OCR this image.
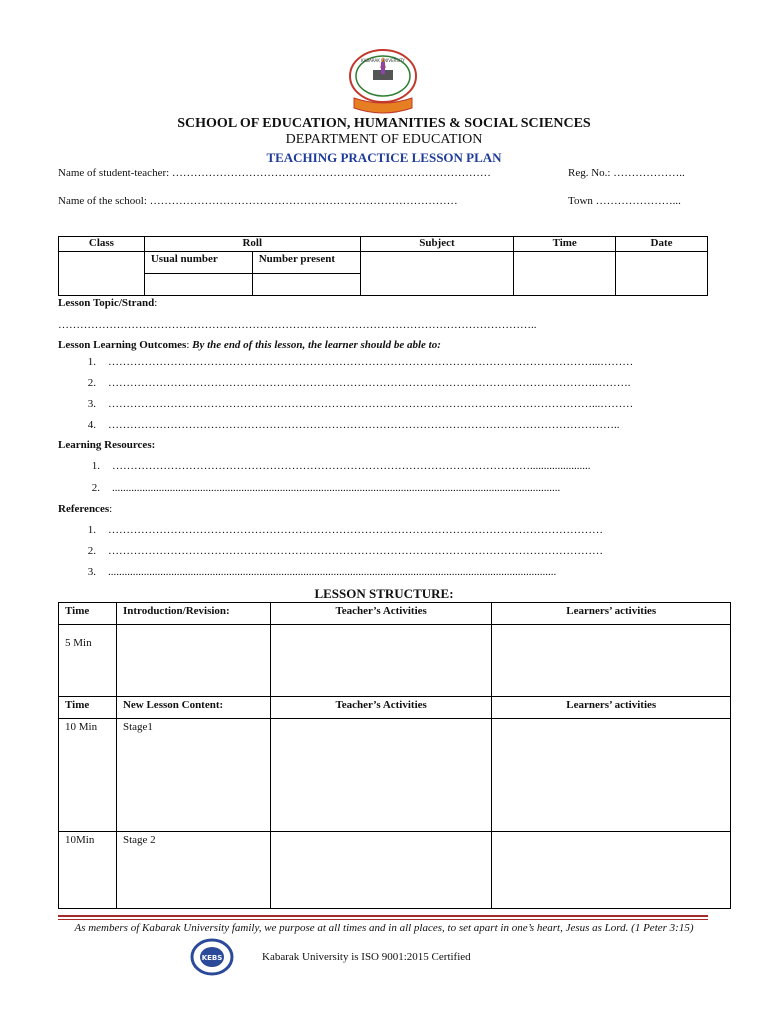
KABARAK UNIVERSITY
SCHOOL OF EDUCATION, HUMANITIES & SOCIAL SCIENCES
DEPARTMENT OF EDUCATION
TEACHING PRACTICE LESSON PLAN
Name of student-teacher: ……………………………………………………………………………	Reg. No.: ………………..
Name of the school: …………………………………………………………………………	Town …………………...
Class	Roll		Subject	Time	Date
	Usual number	Number present			

Lesson Topic/Strand:
…………………………………………………………………………………………………………………..
Lesson Learning Outcomes: By the end of this lesson, the learner should be able to:
1. ……………………………………………………………………………………………………………………...………
2. …………………………………………………………………………………………………………………….……….
3. ……………………………………………………………………………………………………………………...………
4. …………………………………………………………………………………………………………………………..
Learning Resources:
1. ……………………………………………………………………………………………………......................
2. ...................................................................................................................................................................
References:
1. ………………………………………………………………………………………………………………………
2. ………………………………………………………………………………………………………………………
3. ...................................................................................................................................................................
LESSON STRUCTURE:
Time	Introduction/Revision:	Teacher’s Activities	Learners’ activities
5 Min			
Time	New Lesson Content:	Teacher’s Activities	Learners’ activities
10 Min	Stage1		
10Min	Stage 2		
As members of Kabarak University family, we purpose at all times and in all places, to set apart in one’s heart, Jesus as Lord. (1 Peter 3:15)
KEBS	Kabarak University is ISO 9001:2015 Certified
